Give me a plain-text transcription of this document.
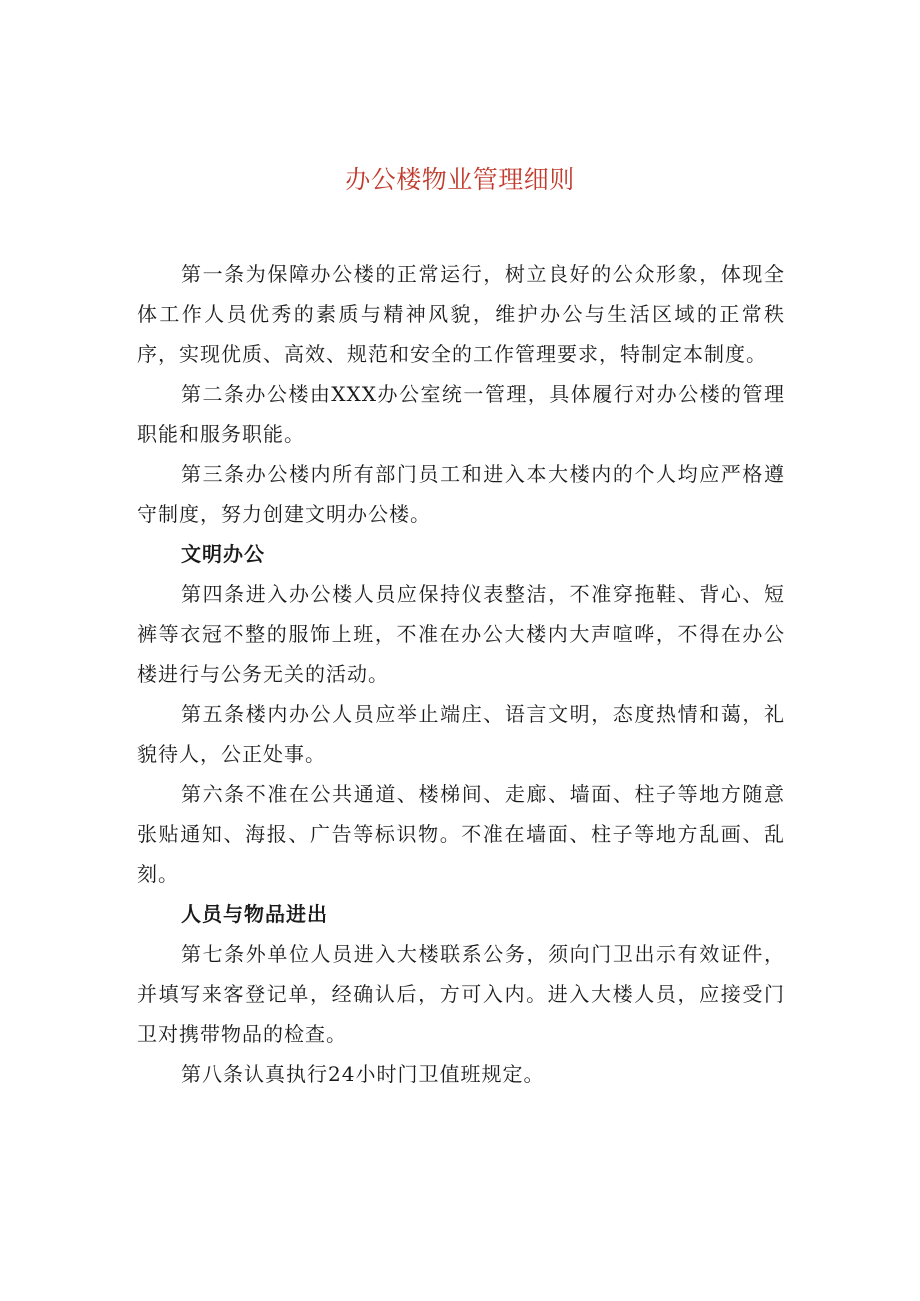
办公楼物业管理细则

第一条为保障办公楼的正常运行，树立良好的公众形象，体现全体工作人员优秀的素质与精神风貌，维护办公与生活区域的正常秩序，实现优质、高效、规范和安全的工作管理要求，特制定本制度。

第二条办公楼由XXX办公室统一管理，具体履行对办公楼的管理职能和服务职能。

第三条办公楼内所有部门员工和进入本大楼内的个人均应严格遵守制度，努力创建文明办公楼。

文明办公

第四条进入办公楼人员应保持仪表整洁，不准穿拖鞋、背心、短裤等衣冠不整的服饰上班，不准在办公大楼内大声喧哗，不得在办公楼进行与公务无关的活动。

第五条楼内办公人员应举止端庄、语言文明，态度热情和蔼，礼貌待人，公正处事。

第六条不准在公共通道、楼梯间、走廊、墙面、柱子等地方随意张贴通知、海报、广告等标识物。不准在墙面、柱子等地方乱画、乱刻。

人员与物品进出

第七条外单位人员进入大楼联系公务，须向门卫出示有效证件，并填写来客登记单，经确认后，方可入内。进入大楼人员，应接受门卫对携带物品的检查。

第八条认真执行24小时门卫值班规定。
